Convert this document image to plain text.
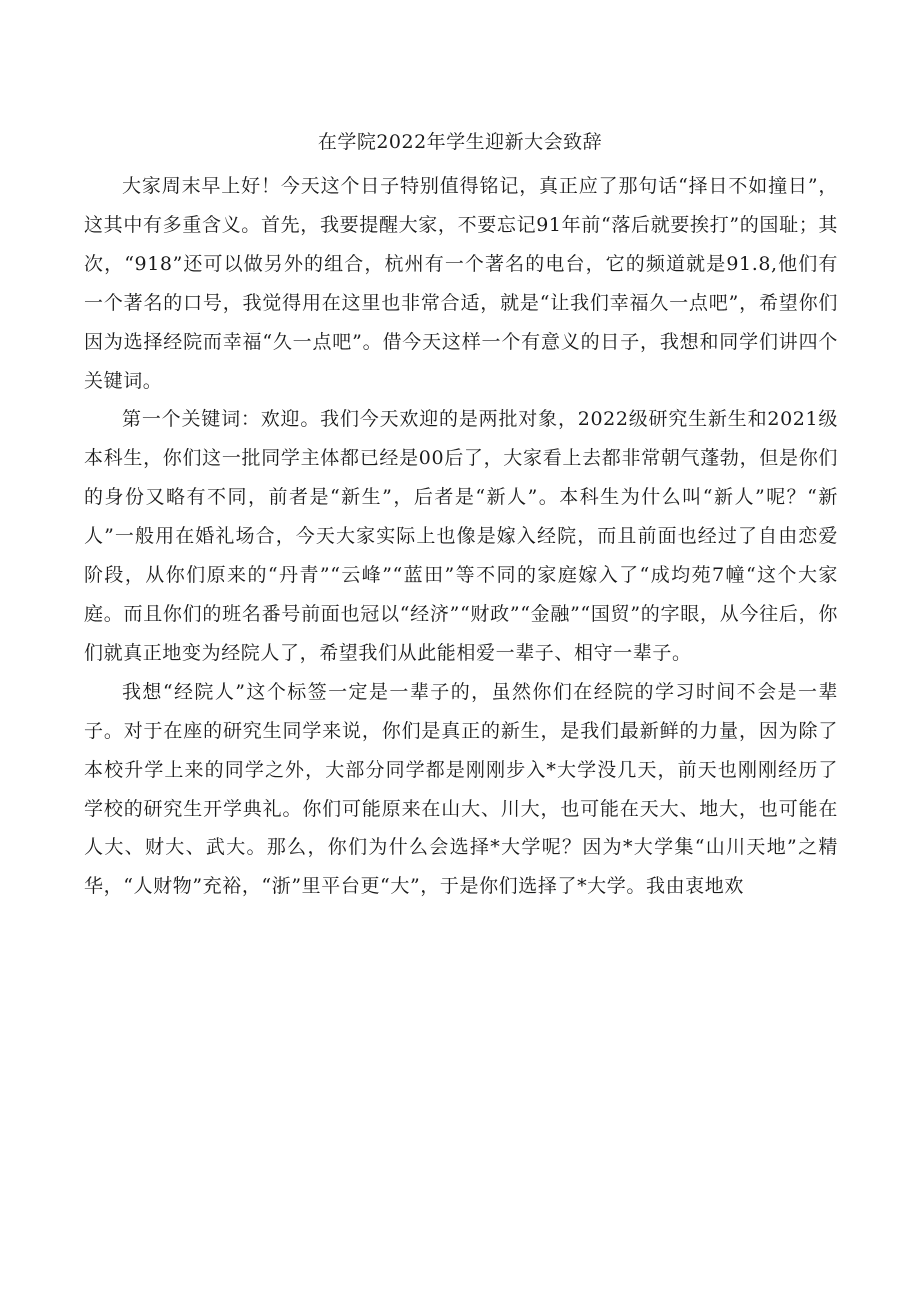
在学院2022年学生迎新大会致辞

大家周末早上好！今天这个日子特别值得铭记，真正应了那句话“择日不如撞日”，这其中有多重含义。首先，我要提醒大家，不要忘记91年前“落后就要挨打”的国耻；其次，“918”还可以做另外的组合，杭州有一个著名的电台，它的频道就是91.8,他们有一个著名的口号，我觉得用在这里也非常合适，就是“让我们幸福久一点吧”，希望你们因为选择经院而幸福“久一点吧”。借今天这样一个有意义的日子，我想和同学们讲四个关键词。

第一个关键词：欢迎。我们今天欢迎的是两批对象，2022级研究生新生和2021级本科生，你们这一批同学主体都已经是00后了，大家看上去都非常朝气蓬勃，但是你们的身份又略有不同，前者是“新生”，后者是“新人”。本科生为什么叫“新人”呢？“新人”一般用在婚礼场合，今天大家实际上也像是嫁入经院，而且前面也经过了自由恋爱阶段，从你们原来的“丹青”“云峰”“蓝田”等不同的家庭嫁入了“成均苑7幢“这个大家庭。而且你们的班名番号前面也冠以“经济”“财政”“金融”“国贸”的字眼，从今往后，你们就真正地变为经院人了，希望我们从此能相爱一辈子、相守一辈子。

我想“经院人”这个标签一定是一辈子的，虽然你们在经院的学习时间不会是一辈子。对于在座的研究生同学来说，你们是真正的新生，是我们最新鲜的力量，因为除了本校升学上来的同学之外，大部分同学都是刚刚步入*大学没几天，前天也刚刚经历了学校的研究生开学典礼。你们可能原来在山大、川大，也可能在天大、地大，也可能在人大、财大、武大。那么，你们为什么会选择*大学呢？因为*大学集“山川天地”之精华，“人财物”充裕，“浙”里平台更“大”，于是你们选择了*大学。我由衷地欢
